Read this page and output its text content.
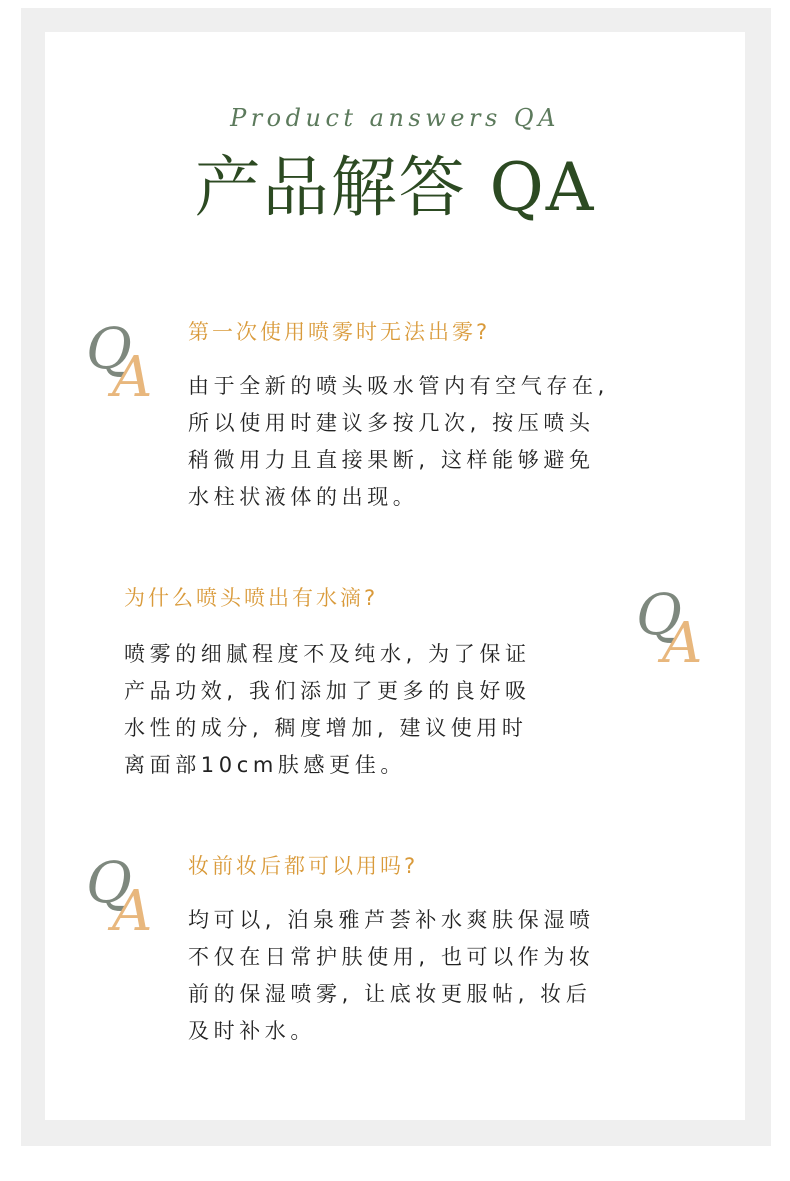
Product answers QA
产品解答 QA
Q
A
第一次使用喷雾时无法出雾?
由于全新的喷头吸水管内有空气存在,
所以使用时建议多按几次, 按压喷头
稍微用力且直接果断, 这样能够避免
水柱状液体的出现。
为什么喷头喷出有水滴?
喷雾的细腻程度不及纯水, 为了保证
产品功效, 我们添加了更多的良好吸
水性的成分, 稠度增加, 建议使用时
离面部10cm肤感更佳。
Q
A
Q
A
妆前妆后都可以用吗?
均可以, 泊泉雅芦荟补水爽肤保湿喷
不仅在日常护肤使用, 也可以作为妆
前的保湿喷雾, 让底妆更服帖, 妆后
及时补水。
